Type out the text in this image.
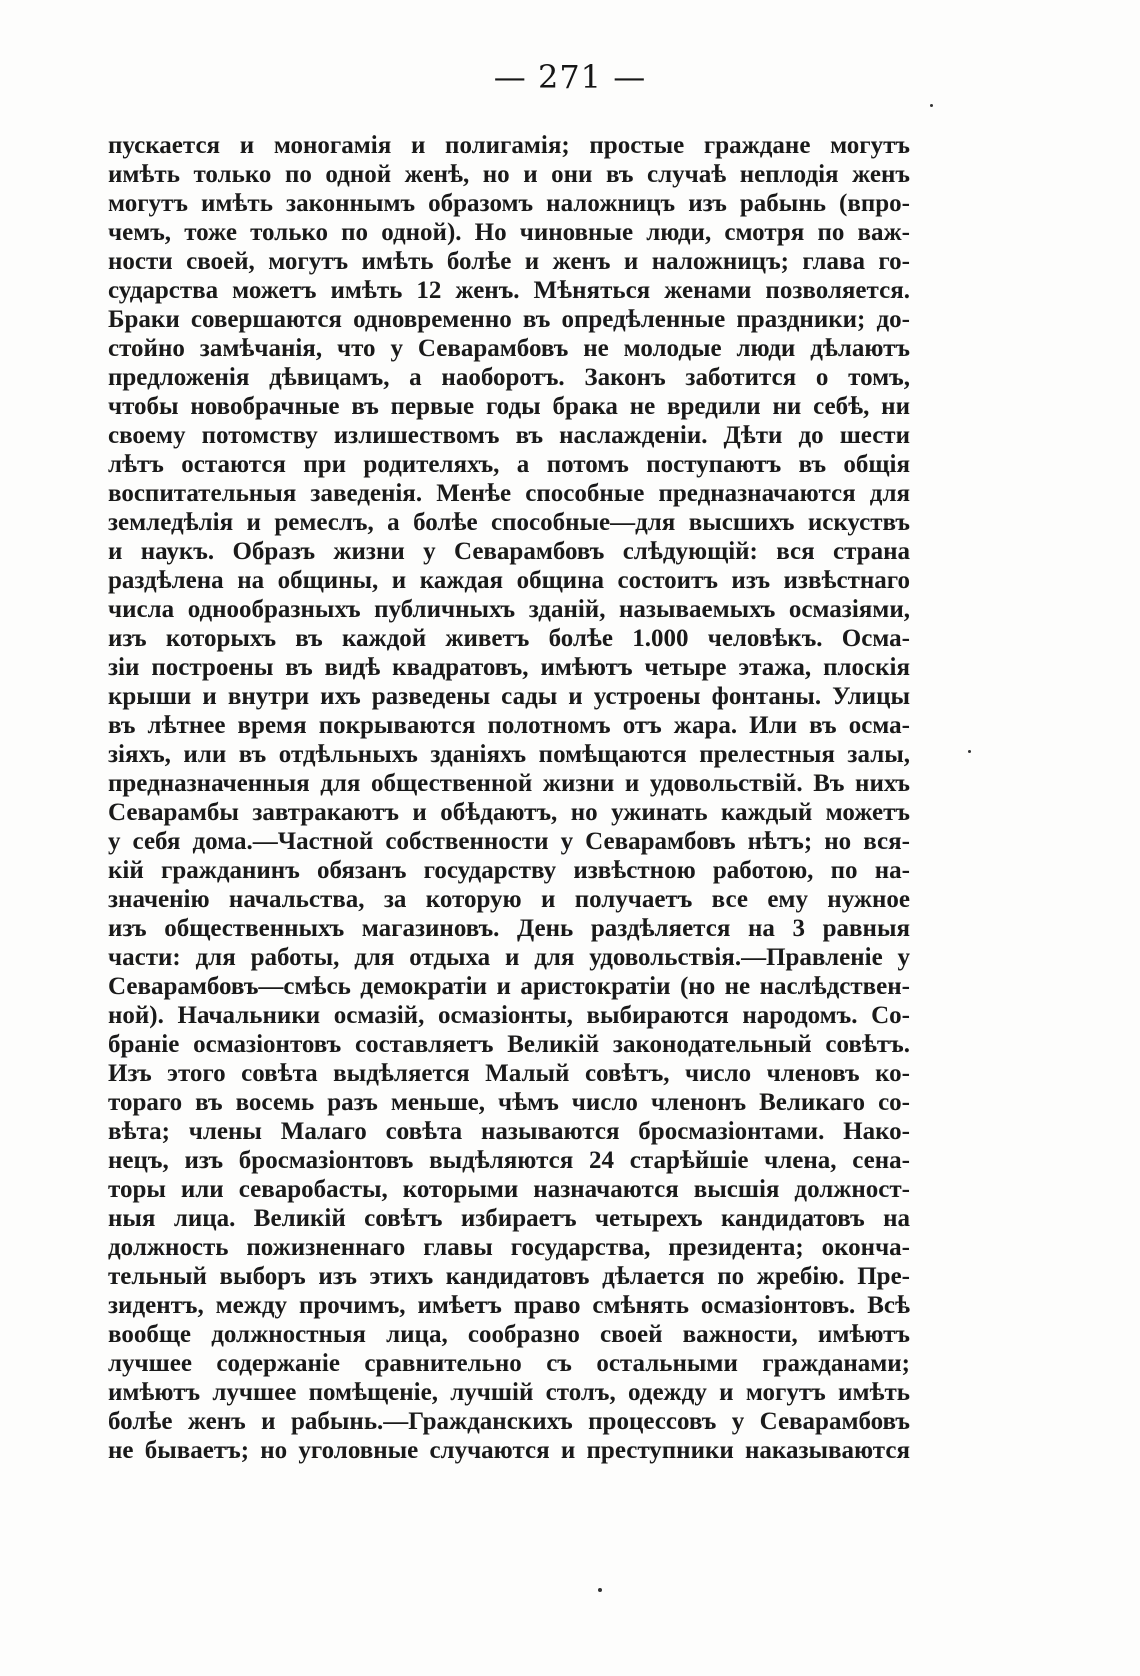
— 271 —
пускается и моногамія и полигамія; простые граждане могутъ
имѣть только по одной женѣ, но и они въ случаѣ неплодія женъ
могутъ имѣть законнымъ образомъ наложницъ изъ рабынь (впро-
чемъ, тоже только по одной). Но чиновные люди, смотря по важ-
ности своей, могутъ имѣть болѣе и женъ и наложницъ; глава го-
сударства можетъ имѣть 12 женъ. Мѣняться женами позволяется.
Браки совершаются одновременно въ опредѣленные праздники; до-
стойно замѣчанія, что у Севарамбовъ не молодые люди дѣлаютъ
предложенія дѣвицамъ, а наоборотъ. Законъ заботится о томъ,
чтобы новобрачные въ первые годы брака не вредили ни себѣ, ни
своему потомству излишествомъ въ наслажденіи. Дѣти до шести
лѣтъ остаются при родителяхъ, а потомъ поступаютъ въ общія
воспитательныя заведенія. Менѣе способные предназначаются для
земледѣлія и ремеслъ, а болѣе способные—для высшихъ искуствъ
и наукъ. Образъ жизни у Севарамбовъ слѣдующій: вся страна
раздѣлена на общины, и каждая община состоитъ изъ извѣстнаго
числа однообразныхъ публичныхъ зданій, называемыхъ осмазіями,
изъ которыхъ въ каждой живетъ болѣе 1.000 человѣкъ. Осма-
зіи построены въ видѣ квадратовъ, имѣютъ четыре этажа, плоскія
крыши и внутри ихъ разведены сады и устроены фонтаны. Улицы
въ лѣтнее время покрываются полотномъ отъ жара. Или въ осма-
зіяхъ, или въ отдѣльныхъ зданіяхъ помѣщаются прелестныя залы,
предназначенныя для общественной жизни и удовольствій. Въ нихъ
Севарамбы завтракаютъ и обѣдаютъ, но ужинать каждый можетъ
у себя дома.—Частной собственности у Севарамбовъ нѣтъ; но вся-
кій гражданинъ обязанъ государству извѣстною работою, по на-
значенію начальства, за которую и получаетъ все ему нужное
изъ общественныхъ магазиновъ. День раздѣляется на 3 равныя
части: для работы, для отдыха и для удовольствія.—Правленіе у
Севарамбовъ—смѣсь демократіи и аристократіи (но не наслѣдствен-
ной). Начальники осмазій, осмазіонты, выбираются народомъ. Со-
браніе осмазіонтовъ составляетъ Великій законодательный совѣтъ.
Изъ этого совѣта выдѣляется Малый совѣтъ, число членовъ ко-
тораго въ восемь разъ меньше, чѣмъ число членонъ Великаго со-
вѣта; члены Малаго совѣта называются бросмазіонтами. Нако-
нецъ, изъ бросмазіонтовъ выдѣляются 24 старѣйшіе члена, сена-
торы или севаробасты, которыми назначаются высшія должност-
ныя лица. Великій совѣтъ избираетъ четырехъ кандидатовъ на
должность пожизненнаго главы государства, президента; оконча-
тельный выборъ изъ этихъ кандидатовъ дѣлается по жребію. Пре-
зидентъ, между прочимъ, имѣетъ право смѣнять осмазіонтовъ. Всѣ
вообще должностныя лица, сообразно своей важности, имѣютъ
лучшее содержаніе сравнительно съ остальными гражданами;
имѣютъ лучшее помѣщеніе, лучшій столъ, одежду и могутъ имѣть
болѣе женъ и рабынь.—Гражданскихъ процессовъ у Севарамбовъ
не бываетъ; но уголовные случаются и преступники наказываются
